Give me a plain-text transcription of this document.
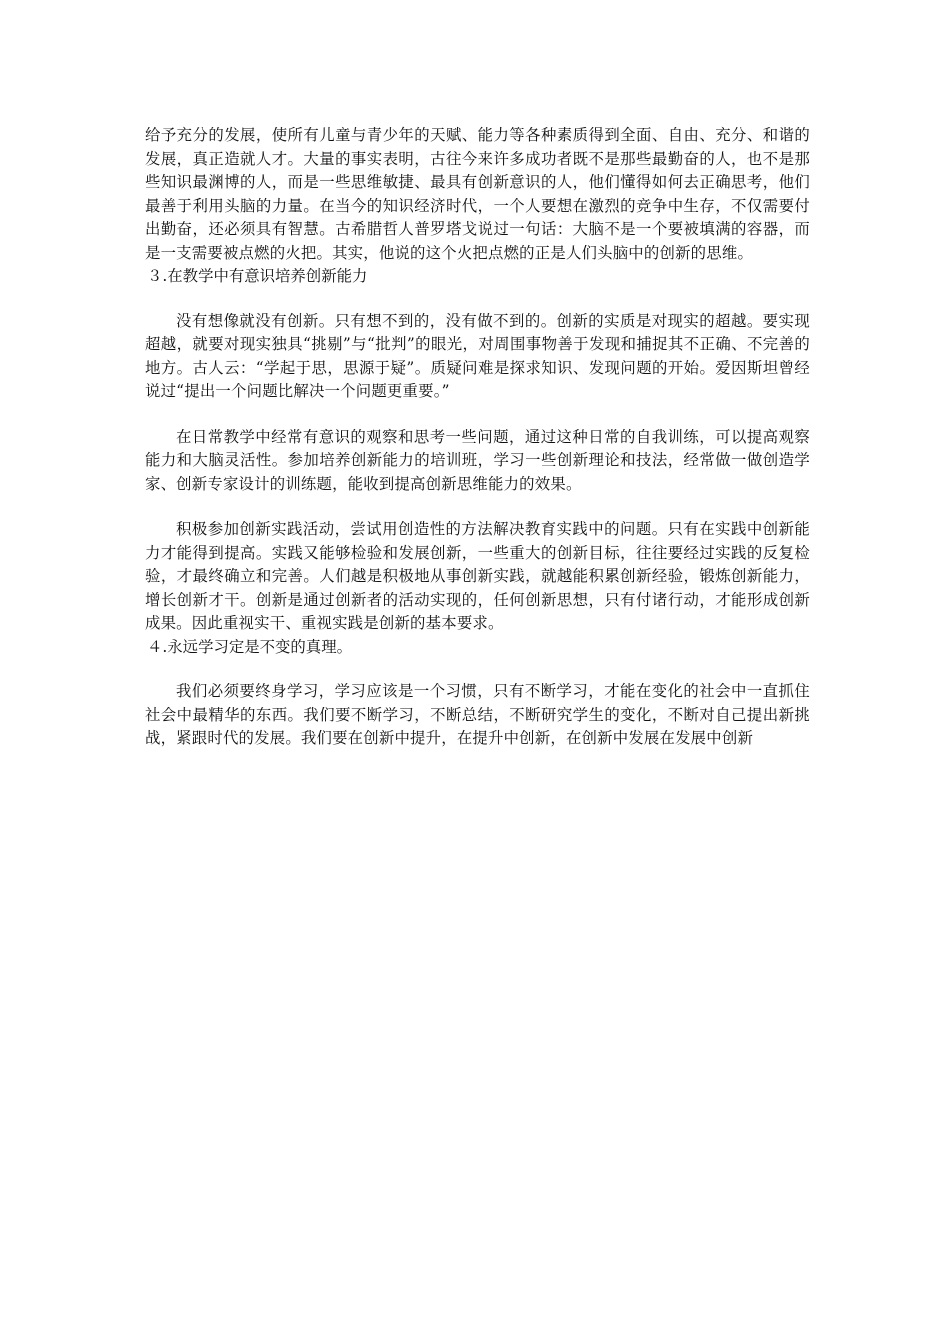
给予充分的发展，使所有儿童与青少年的天赋、能力等各种素质得到全面、自由、充分、和谐的发展，真正造就人才。大量的事实表明，古往今来许多成功者既不是那些最勤奋的人，也不是那些知识最渊博的人，而是一些思维敏捷、最具有创新意识的人，他们懂得如何去正确思考，他们最善于利用头脑的力量。在当今的知识经济时代，一个人要想在激烈的竞争中生存，不仅需要付出勤奋，还必须具有智慧。古希腊哲人普罗塔戈说过一句话：大脑不是一个要被填满的容器，而是一支需要被点燃的火把。其实，他说的这个火把点燃的正是人们头脑中的创新的思维。

３.在教学中有意识培养创新能力

没有想像就没有创新。只有想不到的，没有做不到的。创新的实质是对现实的超越。要实现超越，就要对现实独具“挑剔”与“批判”的眼光，对周围事物善于发现和捕捉其不正确、不完善的地方。古人云：“学起于思，思源于疑”。质疑问难是探求知识、发现问题的开始。爱因斯坦曾经说过“提出一个问题比解决一个问题更重要。”

在日常教学中经常有意识的观察和思考一些问题，通过这种日常的自我训练，可以提高观察能力和大脑灵活性。参加培养创新能力的培训班，学习一些创新理论和技法，经常做一做创造学家、创新专家设计的训练题，能收到提高创新思维能力的效果。

积极参加创新实践活动，尝试用创造性的方法解决教育实践中的问题。只有在实践中创新能力才能得到提高。实践又能够检验和发展创新，一些重大的创新目标，往往要经过实践的反复检验，才最终确立和完善。人们越是积极地从事创新实践，就越能积累创新经验，锻炼创新能力，增长创新才干。创新是通过创新者的活动实现的，任何创新思想，只有付诸行动，才能形成创新成果。因此重视实干、重视实践是创新的基本要求。

４.永远学习定是不变的真理。

我们必须要终身学习，学习应该是一个习惯，只有不断学习，才能在变化的社会中一直抓住社会中最精华的东西。我们要不断学习，不断总结，不断研究学生的变化，不断对自己提出新挑战，紧跟时代的发展。我们要在创新中提升，在提升中创新，在创新中发展在发展中创新
